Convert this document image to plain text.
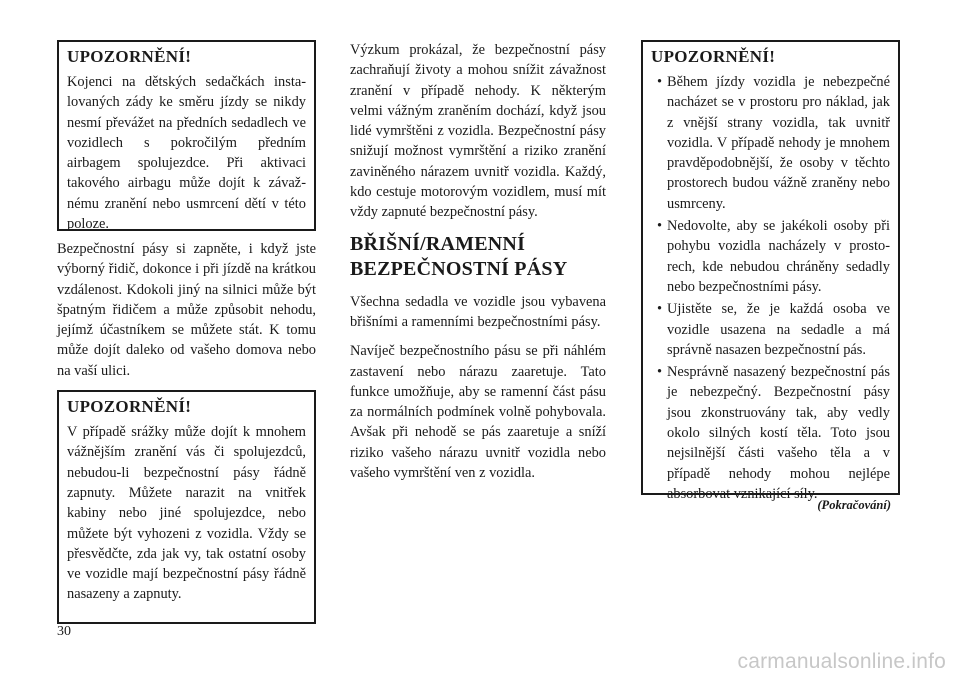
UPOZORNĚNÍ!

Kojenci na dětských sedačkách instalovaných zády ke směru jízdy se nikdy nesmí převážet na předních sedadlech ve vozidlech s pokročilým předním airbagem spolujezdce. Při aktivaci takového airbagu může dojít k závažnému zranění nebo usmrcení dětí v této poloze.

Bezpečnostní pásy si zapněte, i když jste výborný řidič, dokonce i při jízdě na krátkou vzdálenost. Kdokoli jiný na silnici může být špatným řidičem a může způsobit nehodu, jejímž účastníkem se můžete stát. K tomu může dojít daleko od vašeho domova nebo na vaší ulici.

UPOZORNĚNÍ!

V případě srážky může dojít k mnohem vážnějším zranění vás či spolujezdců, nebudou-li bezpečnostní pásy řádně zapnuty. Můžete narazit na vnitřek kabiny nebo jiné spolujezdce, nebo můžete být vyhozeni z vozidla. Vždy se přesvědčte, zda jak vy, tak ostatní osoby ve vozidle mají bezpečnostní pásy řádně nasazeny a zapnuty.

Výzkum prokázal, že bezpečnostní pásy zachraňují životy a mohou snížit závažnost zranění v případě nehody. K některým velmi vážným zraněním dochází, když jsou lidé vymrštěni z vozidla. Bezpečnostní pásy snižují možnost vymrštění a riziko zranění zaviněného nárazem uvnitř vozidla. Každý, kdo cestuje motorovým vozidlem, musí mít vždy zapnuté bezpečnostní pásy.

BŘIŠNÍ/RAMENNÍ
BEZPEČNOSTNÍ PÁSY

Všechna sedadla ve vozidle jsou vybavena břišními a ramenními bezpečnostními pásy.

Navíječ bezpečnostního pásu se při náhlém zastavení nebo nárazu zaaretuje. Tato funkce umožňuje, aby se ramenní část pásu za normálních podmínek volně pohybovala. Avšak při nehodě se pás zaaretuje a sníží riziko vašeho nárazu uvnitř vozidla nebo vašeho vymrštění ven z vozidla.

UPOZORNĚNÍ!
• Během jízdy vozidla je nebezpečné nacházet se v prostoru pro náklad, jak z vnější strany vozidla, tak uvnitř vozidla. V případě nehody je mnohem pravděpodobnější, že osoby v těchto prostorech budou vážně zraněny nebo usmrceny.
• Nedovolte, aby se jakékoli osoby při pohybu vozidla nacházely v prostorech, kde nebudou chráněny sedadly nebo bezpečnostními pásy.
• Ujistěte se, že je každá osoba ve vozidle usazena na sedadle a má správně nasazen bezpečnostní pás.
• Nesprávně nasazený bezpečnostní pás je nebezpečný. Bezpečnostní pásy jsou zkonstruovány tak, aby vedly okolo silných kostí těla. Toto jsou nejsilnější části vašeho těla a v případě nehody mohou nejlépe absorbovat vznikající síly.
(Pokračování)
30
carmanualsonline.info
